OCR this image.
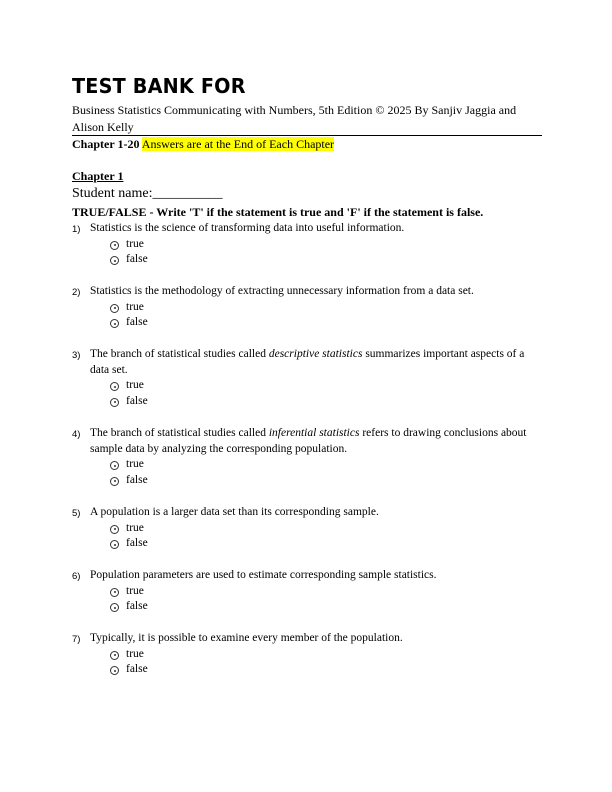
TEST BANK FOR
Business Statistics Communicating with Numbers, 5th Edition © 2025 By Sanjiv Jaggia and Alison Kelly
Chapter 1-20 Answers are at the End of Each Chapter
Chapter 1
Student name:__________
TRUE/FALSE - Write 'T' if the statement is true and 'F' if the statement is false.
1) Statistics is the science of transforming data into useful information.
true
false
2) Statistics is the methodology of extracting unnecessary information from a data set.
true
false
3) The branch of statistical studies called descriptive statistics summarizes important aspects of a data set.
true
false
4) The branch of statistical studies called inferential statistics refers to drawing conclusions about sample data by analyzing the corresponding population.
true
false
5) A population is a larger data set than its corresponding sample.
true
false
6) Population parameters are used to estimate corresponding sample statistics.
true
false
7) Typically, it is possible to examine every member of the population.
true
false
